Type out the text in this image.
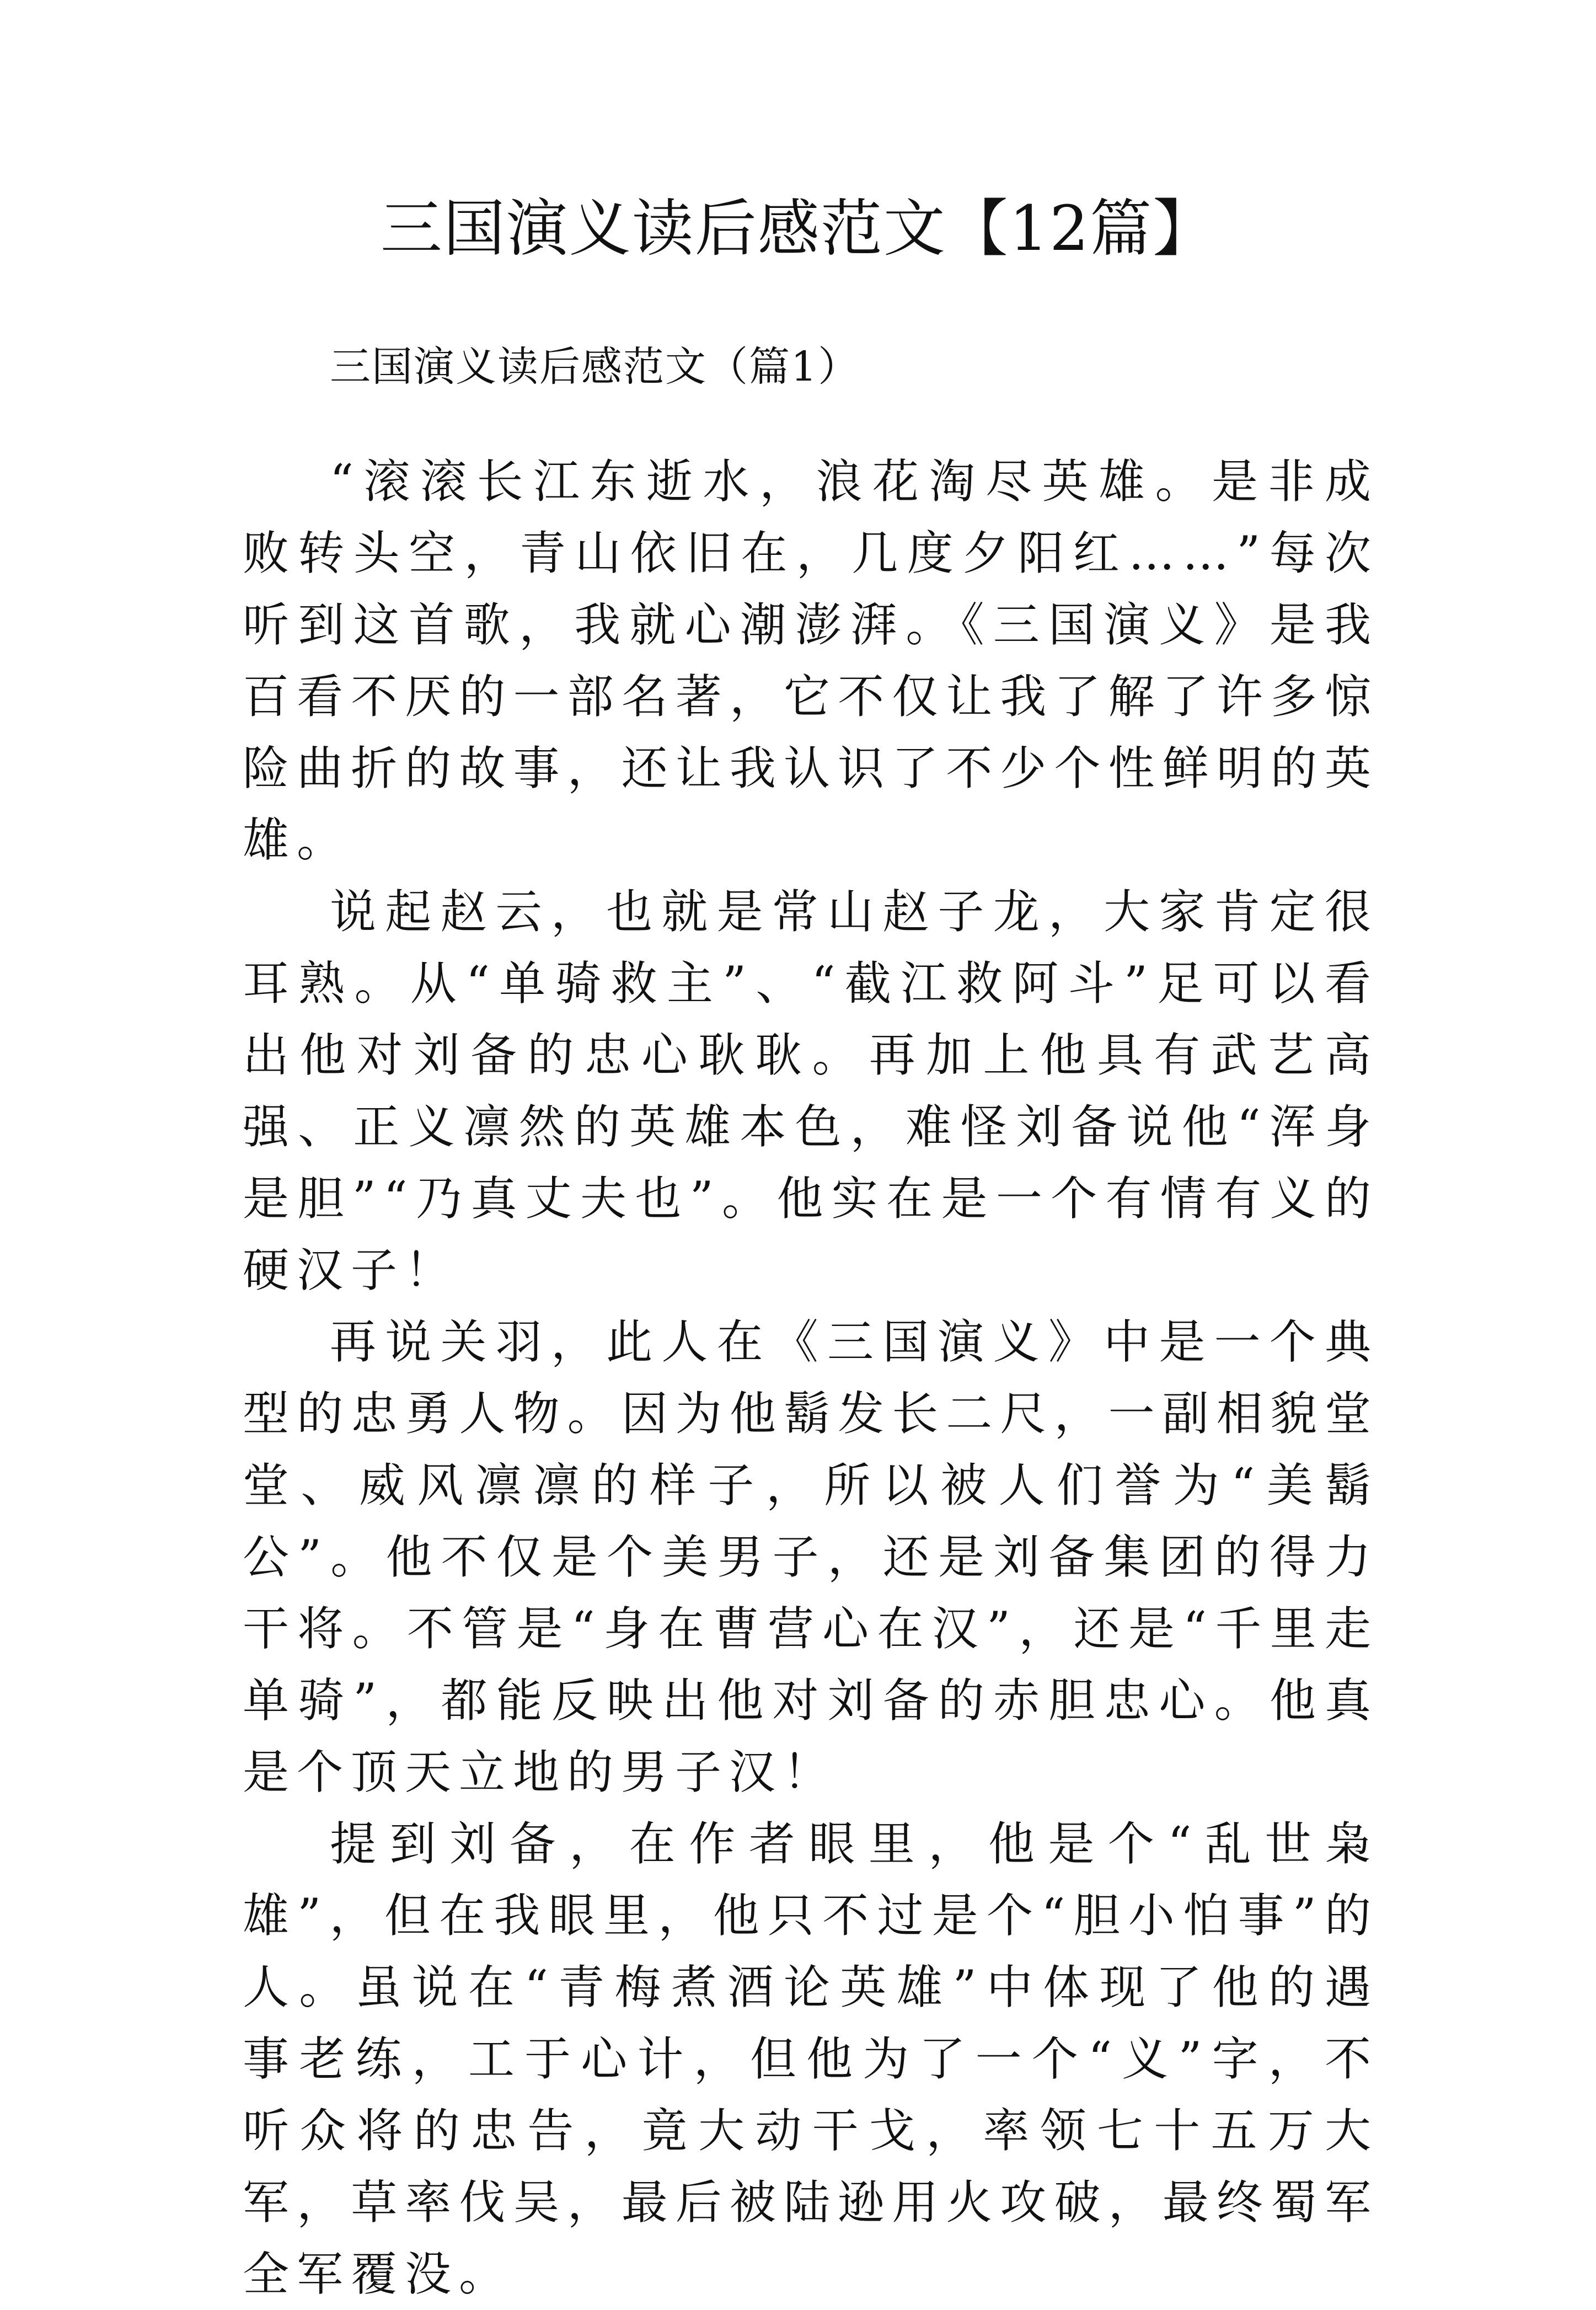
三国演义读后感范文【12篇】
三国演义读后感范文（篇1）

“滚滚长江东逝水，浪花淘尽英雄。是非成败转头空，青山依旧在，几度夕阳红……”每次听到这首歌，我就心潮澎湃。《三国演义》是我百看不厌的一部名著，它不仅让我了解了许多惊险曲折的故事，还让我认识了不少个性鲜明的英雄。

说起赵云，也就是常山赵子龙，大家肯定很耳熟。从“单骑救主”、“截江救阿斗”足可以看出他对刘备的忠心耿耿。再加上他具有武艺高强、正义凛然的英雄本色，难怪刘备说他“浑身是胆”“乃真丈夫也”。他实在是一个有情有义的硬汉子！

再说关羽，此人在《三国演义》中是一个典型的忠勇人物。因为他鬍发长二尺，一副相貌堂堂、威风凛凛的样子，所以被人们誉为“美鬍公”。他不仅是个美男子，还是刘备集团的得力干将。不管是“身在曹营心在汉”，还是“千里走单骑”，都能反映出他对刘备的赤胆忠心。他真是个顶天立地的男子汉！

提到刘备，在作者眼里，他是个“乱世枭雄”，但在我眼里，他只不过是个“胆小怕事”的人。虽说在“青梅煮酒论英雄”中体现了他的遇事老练，工于心计，但他为了一个“义”字，不听众将的忠告，竟大动干戈，率领七十五万大军，草率伐吴，最后被陆逊用火攻破，最终蜀军全军覆没。
